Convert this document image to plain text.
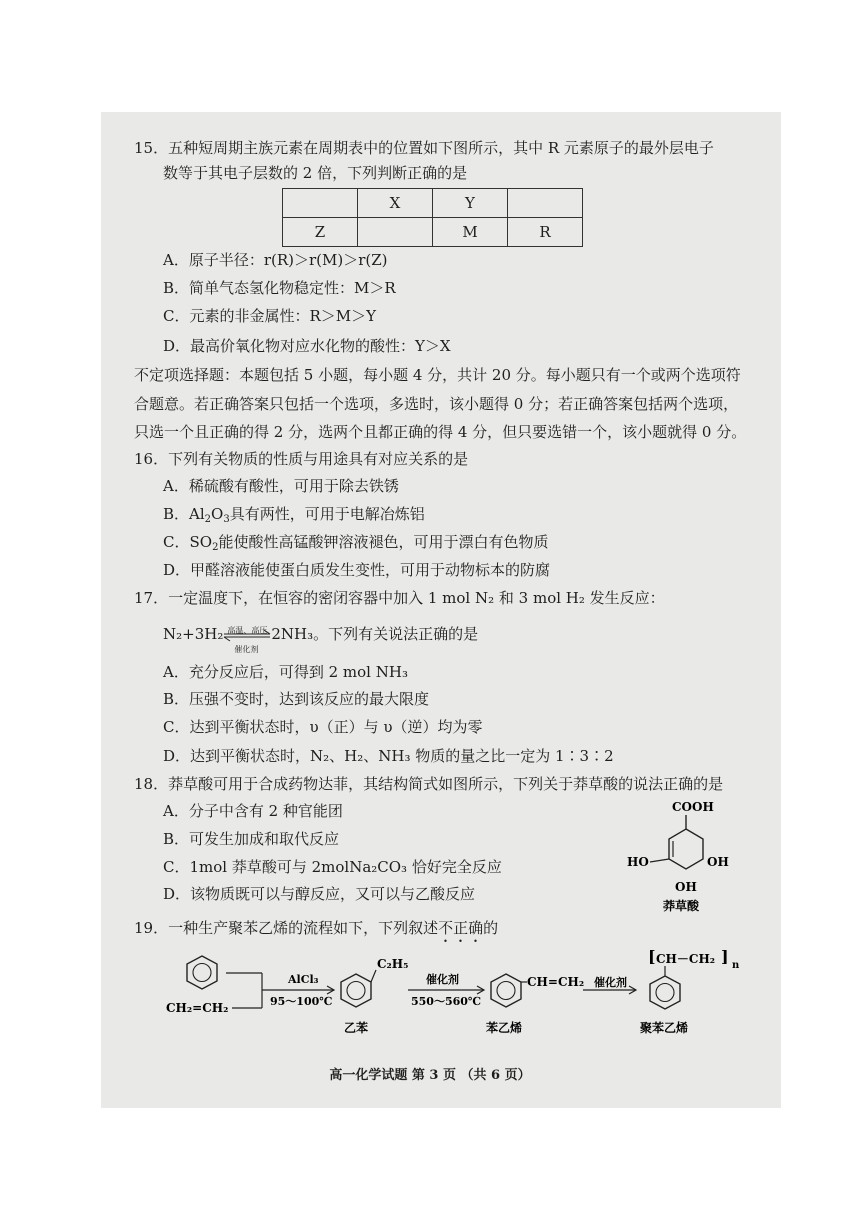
15．五种短周期主族元素在周期表中的位置如下图所示，其中 R 元素原子的最外层电子
数等于其电子层数的 2 倍，下列判断正确的是
	X	Y	
Z		M	R
A．原子半径：r(R)＞r(M)＞r(Z)
B．简单气态氢化物稳定性：M＞R
C．元素的非金属性：R＞M＞Y
D．最高价氧化物对应水化物的酸性：Y＞X
不定项选择题：本题包括 5 小题，每小题 4 分，共计 20 分。每小题只有一个或两个选项符
合题意。若正确答案只包括一个选项，多选时，该小题得 0 分；若正确答案包括两个选项，
只选一个且正确的得 2 分，选两个且都正确的得 4 分，但只要选错一个，该小题就得 0 分。
16．下列有关物质的性质与用途具有对应关系的是
A．稀硫酸有酸性，可用于除去铁锈
B．$Al_2O_3$具有两性，可用于电解冶炼铝
C．$SO_2$能使酸性高锰酸钾溶液褪色，可用于漂白有色物质
D．甲醛溶液能使蛋白质发生变性，可用于动物标本的防腐
17．一定温度下，在恒容的密闭容器中加入 1 mol N₂ 和 3 mol H₂ 发生反应：
N₂+3H₂ 高温、高压
催化剂
2NH₃。下列有关说法正确的是
A．充分反应后，可得到 2 mol NH₃
B．压强不变时，达到该反应的最大限度
C．达到平衡状态时，υ（正）与 υ（逆）均为零
D．达到平衡状态时，N₂、H₂、NH₃ 物质的量之比一定为 1∶3∶2
18．莽草酸可用于合成药物达菲，其结构简式如图所示，下列关于莽草酸的说法正确的是
A．分子中含有 2 种官能团
B．可发生加成和取代反应
C．1mol 莽草酸可与 2molNa₂CO₃ 恰好完全反应
D．该物质既可以与醇反应，又可以与乙酸反应
COOH
HO	OH
OH
莽草酸
19．一种生产聚苯乙烯的流程如下，下列叙述不正确的
CH₂=CH₂
AlCl₃
95～100℃
C₂H₅
乙苯
催化剂
550～560℃
CH=CH₂
苯乙烯
催化剂
[ CH－CH₂ ] n
聚苯乙烯
高一化学试题 第 3 页 （共 6 页）
